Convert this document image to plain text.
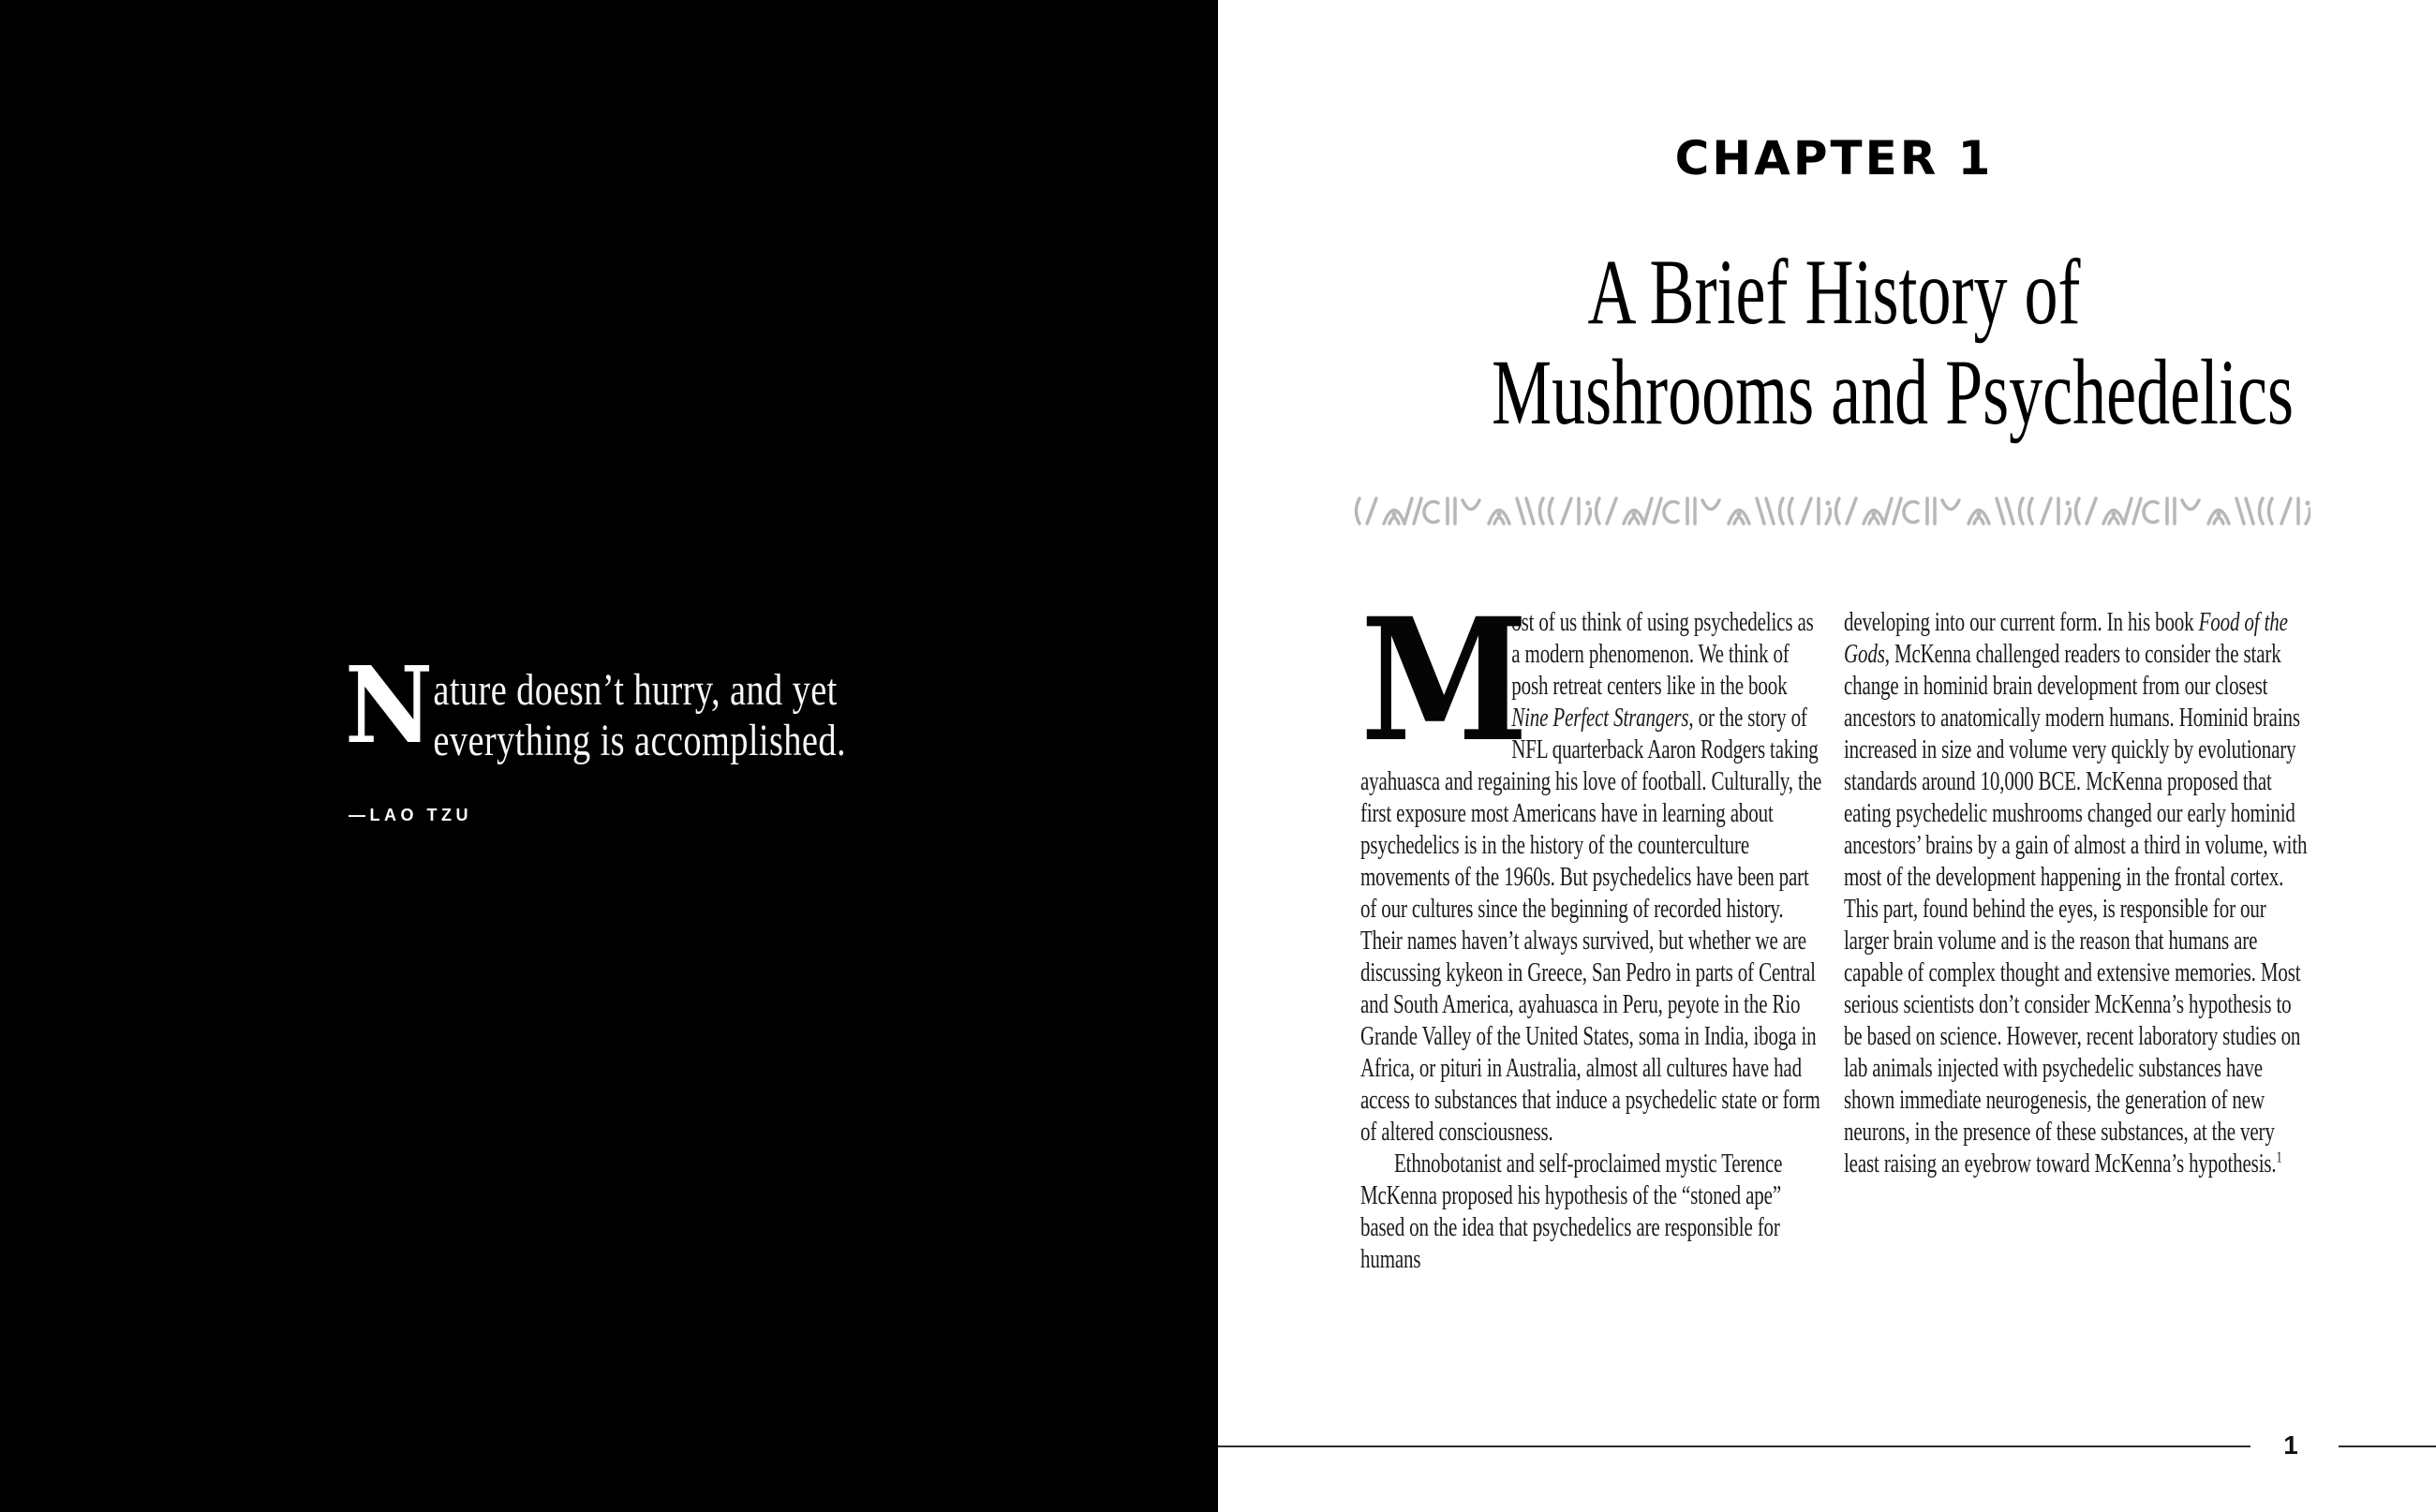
N ature doesn’t hurry, and yet
everything is accomplished.
—LAO TZU
CHAPTER 1
A Brief History of
Mushrooms and Psychedelics
M

ost of us think of using psychedelics as a modern phenomenon. We think of posh retreat centers like in the book Nine Perfect Strangers, or the story of NFL quarterback Aaron Rodgers taking ayahuasca and regaining his love of football. Culturally, the first exposure most Americans have in learning about psychedelics is in the history of the counterculture movements of the 1960s. But psychedelics have been part of our cultures since the beginning of recorded history. Their names haven’t always survived, but whether we are discussing kykeon in Greece, San Pedro in parts of Central and South America, ayahuasca in Peru, peyote in the Rio Grande Valley of the United States, soma in India, iboga in Africa, or pituri in Australia, almost all cultures have had access to substances that induce a psychedelic state or form of altered consciousness.

Ethnobotanist and self-proclaimed mystic Terence McKenna proposed his hypothesis of the “stoned ape” based on the idea that psychedelics are responsible for humans

developing into our current form. In his book Food of the Gods, McKenna challenged readers to consider the stark change in hominid brain development from our closest ancestors to anatomically modern humans. Hominid brains increased in size and volume very quickly by evolutionary standards around 10,000 BCE. McKenna proposed that eating psychedelic mushrooms changed our early hominid ancestors’ brains by a gain of almost a third in volume, with most of the development happening in the frontal cortex. This part, found behind the eyes, is responsible for our larger brain volume and is the reason that humans are capable of complex thought and extensive memories. Most serious scientists don’t consider McKenna’s hypothesis to be based on science. However, recent laboratory studies on lab animals injected with psychedelic substances have shown immediate neurogenesis, the generation of new neurons, in the presence of these substances, at the very least raising an eyebrow toward McKenna’s hypothesis.$^1$

1
